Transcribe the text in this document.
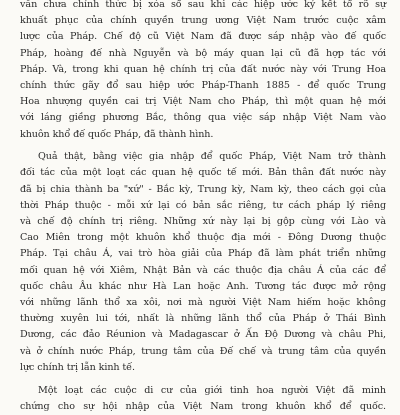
vẫn chưa chính thức bị xóa sổ sau khi các hiệp ước ký kết tổ rõ sự
khuất phục của chính quyền trung ương Việt Nam trước cuộc xâm
lược của Pháp. Chế độ cũ Việt Nam đã được sáp nhập vào đế quốc
Pháp, hoàng đế nhà Nguyễn và bộ máy quan lại cũ đã hợp tác với
Pháp. Và, trong khi quan hệ chính trị của đất nước này với Trung Hoa
chính thức gãy đổ sau hiệp ước Pháp-Thanh 1885 - để quốc Trung
Hoa nhượng quyền cai trị Việt Nam cho Pháp, thì một quan hệ mới
với láng giềng phương Bắc, thông qua việc sáp nhập Việt Nam vào
khuôn khổ đế quốc Pháp, đã thành hình.
Quả thật, bằng việc gia nhập để quốc Pháp, Việt Nam trở thành
đối tác của một loạt các quan hệ quốc tế mới. Bản thân đất nước này
đã bị chia thành ba "xứ" - Bắc kỳ, Trung kỳ, Nam kỳ, theo cách gọi của
thời Pháp thuộc - mỗi xứ lại có bản sắc riêng, tư cách pháp lý riêng
và chế độ chính trị riêng. Những xứ này lại bị gộp cùng với Lào và
Cao Miên trong một khuôn khổ thuộc địa mới - Đông Dương thuộc
Pháp. Tại châu Á, vai trò hòa giải của Pháp đã làm phát triển những
mối quan hệ với Xiêm, Nhật Bản và các thuộc địa châu Á của các để
quốc châu Âu khác như Hà Lan hoặc Anh. Tương tác được mở rộng
với những lãnh thổ xa xôi, nơi mà người Việt Nam hiếm hoặc không
thường xuyên lui tới, nhất là những lãnh thổ của Pháp ở Thái Bình
Dương, các đảo Réunion và Madagascar ở Ấn Độ Dương và châu Phi,
và ở chính nước Pháp, trung tâm của Đế chế và trung tâm của quyền
lực chính trị lẫn kinh tế.
Một loạt các cuộc di cư của giới tinh hoa người Việt đã minh
chứng cho sự hội nhập của Việt Nam trong khuôn khổ để quốc.
